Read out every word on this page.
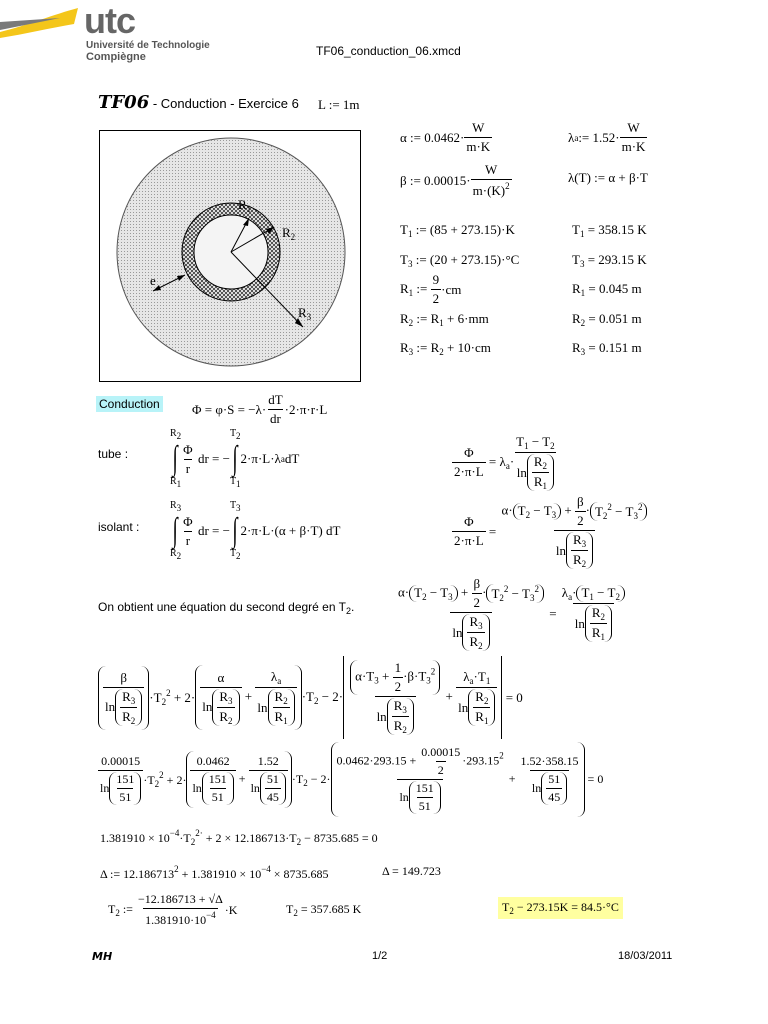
utc
Université de Technologie
Compiègne	TF06_conduction_06.xmcd
TF06 - Conduction - Exercice 6 L := 1m
$R_1$
$R_2$
$R_3$
e
α := $0.0462\cdot \frac{W}{m\cdot K}$	λ a := $1.52\cdot \frac{W}{m\cdot K}$
β := $0.00015\cdot \frac{W}{m\cdot(K)^2}$	λ(T) := α + β·T
$T_1$ := (85 + 273.15)·K	$T_1 = 358.15$ K
$T_3$ := (20 + 273.15)·°C	$T_3 = 293.15$ K
$R_1$ := $\frac{9}{2} \cdot cm$	$R_1 = 0.045$ m
$R_2$ := $R_1 + 6\cdot mm$	$R_2 = 0.051$ m
$R_3$ := $R_2 + 10\cdot cm$	$R_3 = 0.151$ m
Conduction $\Phi = \varphi\cdot S = -\lambda\cdot \frac{dT}{dr} \cdot 2\cdot\pi\cdot r\cdot L$
tube :
$R_2$
∫
$R_1$
$\frac{\Phi}{r}$ dr = −
$T_2$
∫
$T_1$
2·π·L·λ a dT	$\frac{\Phi}{2\cdot\pi\cdot L} = \lambda_a\cdot \frac{T_1 - T_2}{\ln \frac{R_2}{R_1}}$
isolant :
$R_3$
∫
$R_2$
$\frac{\Phi}{r}$ dr = −
$T_3$
∫
$T_2$
2·π·L·(α + β·T) dT	$\frac{\Phi}{2\cdot\pi\cdot L} = \frac{\alpha\cdot T_2 - T_3 + \frac{\beta}{2} \cdot T_2^2 - T_3^2}{\ln \frac{R_3}{R_2}}$
On obtient une équation du second degré en $T_2$.	$\frac{\alpha\cdot T_2 - T_3 + \frac{\beta}{2} \cdot T_2^2 - T_3^2}{\ln \frac{R_3}{R_2}} = \frac{\lambda_a\cdot T_1 - T_2}{\ln \frac{R_2}{R_1}}$
$\frac{\beta}{\ln \frac{R_3}{R_2}} \cdot T_2^2 + 2\cdot \frac{\alpha}{\ln \frac{R_3}{R_2}} + \frac{\lambda_a}{\ln \frac{R_2}{R_1}} \cdot T_2 - 2\cdot \frac{\alpha\cdot T_3 + \frac{1}{2} \cdot\beta\cdot T_3^2}{\ln \frac{R_3}{R_2}} + \frac{\lambda_a\cdot T_1}{\ln \frac{R_2}{R_1}} = 0$
$\frac{0.00015}{\ln \frac{151}{51}} \cdot T_2^2 + 2\cdot \frac{0.0462}{\ln \frac{151}{51}} + \frac{1.52}{\ln \frac{51}{45}} \cdot T_2 - 2\cdot \frac{0.0462\cdot 293.15 + \frac{0.00015}{2} \cdot 293.15^2}{\ln \frac{151}{51}} + \frac{1.52\cdot 358.15}{\ln \frac{51}{45}}$
= 0
$1.381910 \times 10^{-4}\cdot T_2^{2\cdot} + 2 \times 12.186713\cdot T_2 - 8735.685 = 0$
Δ := $12.186713^2 + 1.381910 \times 10^{-4} \times 8735.685$	Δ = 149.723
$T_2$ := $\frac{-12.186713 + √\Delta}{1.381910\cdot 10^{-4}} \cdot K$	$T_2 = 357.685$ K	$T_2 - 273.15K = 84.5\cdot^\circ C$
MH	1/2	18/03/2011
